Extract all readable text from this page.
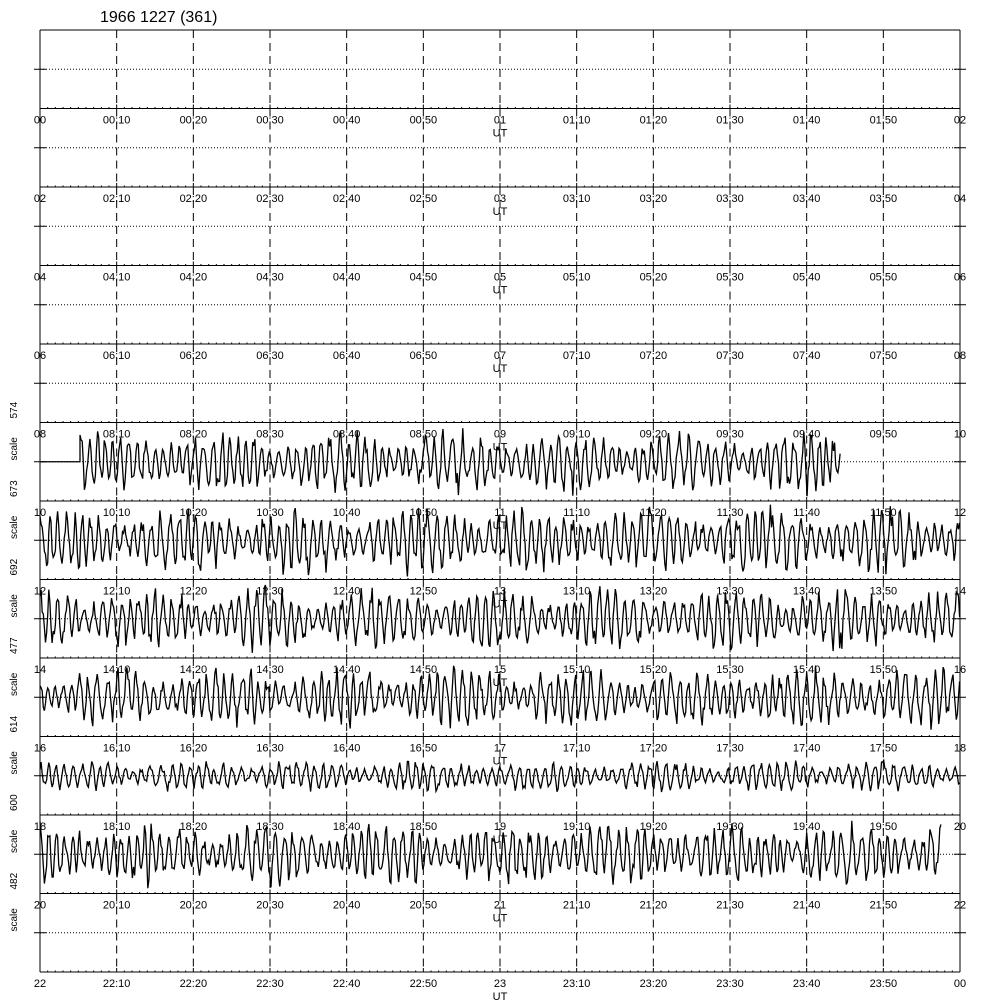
1966 1227 (361)
00	00:10	00:20	00:30	00:40	00:50	01	01:10	01:20	01:30	01:40	01:50	02
UT
02	02:10	02:20	02:30	02:40	02:50	03	03:10	03:20	03:30	03:40	03:50	04
UT
04	04:10	04:20	04:30	04:40	04:50	05	05:10	05:20	05:30	05:40	05:50	06
UT
06	06:10	06:20	06:30	06:40	06:50	07	07:10	07:20	07:30	07:40	07:50	08
UT
08	08:10	08:20	08:30	08:40	08:50	09	09:10	09:20	09:30	09:40	09:50	10
UT
574
scale
10	10:10	10:20	10:30	10:40	10:50	11	11:10	11:20	11:30	11:40	11:50	12
UT
673
scale
12	12:10	12:20	12:30	12:40	12:50	13	13:10	13:20	13:30	13:40	13:50	14
UT
692
scale
14	14:10	14:20	14:30	14:40	14:50	15	15:10	15:20	15:30	15:40	15:50	16
UT
477
scale
16	16:10	16:20	16:30	16:40	16:50	17	17:10	17:20	17:30	17:40	17:50	18
UT
614
scale
18	18:10	18:20	18:30	18:40	18:50	19	19:10	19:20	19:30	19:40	19:50	20
UT
600
scale
20	20:10	20:20	20:30	20:40	20:50	21	21:10	21:20	21:30	21:40	21:50	22
UT
482
scale
22	22:10	22:20	22:30	22:40	22:50	23	23:10	23:20	23:30	23:40	23:50	00
UT
